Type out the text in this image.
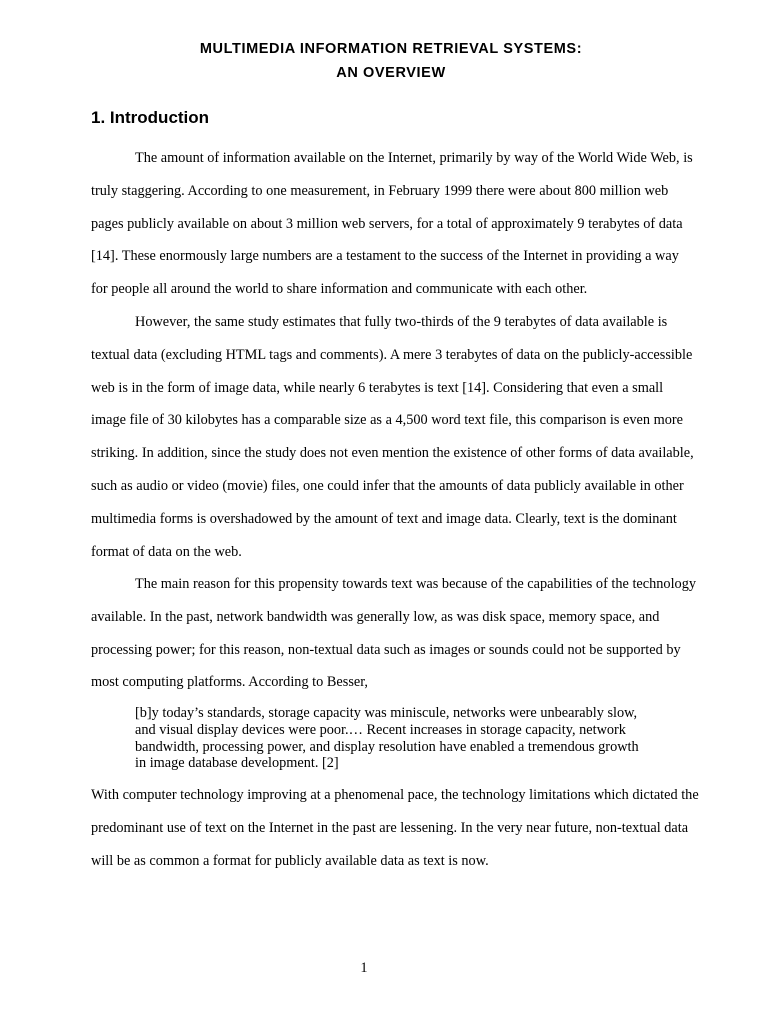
MULTIMEDIA INFORMATION RETRIEVAL SYSTEMS:
AN OVERVIEW
1. Introduction

The amount of information available on the Internet, primarily by way of the World Wide Web, is
truly staggering. According to one measurement, in February 1999 there were about 800 million web
pages publicly available on about 3 million web servers, for a total of approximately 9 terabytes of data
[14]. These enormously large numbers are a testament to the success of the Internet in providing a way
for people all around the world to share information and communicate with each other.

However, the same study estimates that fully two-thirds of the 9 terabytes of data available is
textual data (excluding HTML tags and comments). A mere 3 terabytes of data on the publicly-accessible
web is in the form of image data, while nearly 6 terabytes is text [14]. Considering that even a small
image file of 30 kilobytes has a comparable size as a 4,500 word text file, this comparison is even more
striking. In addition, since the study does not even mention the existence of other forms of data available,
such as audio or video (movie) files, one could infer that the amounts of data publicly available in other
multimedia forms is overshadowed by the amount of text and image data. Clearly, text is the dominant
format of data on the web.

The main reason for this propensity towards text was because of the capabilities of the technology
available. In the past, network bandwidth was generally low, as was disk space, memory space, and
processing power; for this reason, non-textual data such as images or sounds could not be supported by
most computing platforms. According to Besser,

[b]y today’s standards, storage capacity was miniscule, networks were unbearably slow,
and visual display devices were poor.… Recent increases in storage capacity, network
bandwidth, processing power, and display resolution have enabled a tremendous growth
in image database development. [2]

With computer technology improving at a phenomenal pace, the technology limitations which dictated the
predominant use of text on the Internet in the past are lessening. In the very near future, non-textual data
will be as common a format for publicly available data as text is now.

1
